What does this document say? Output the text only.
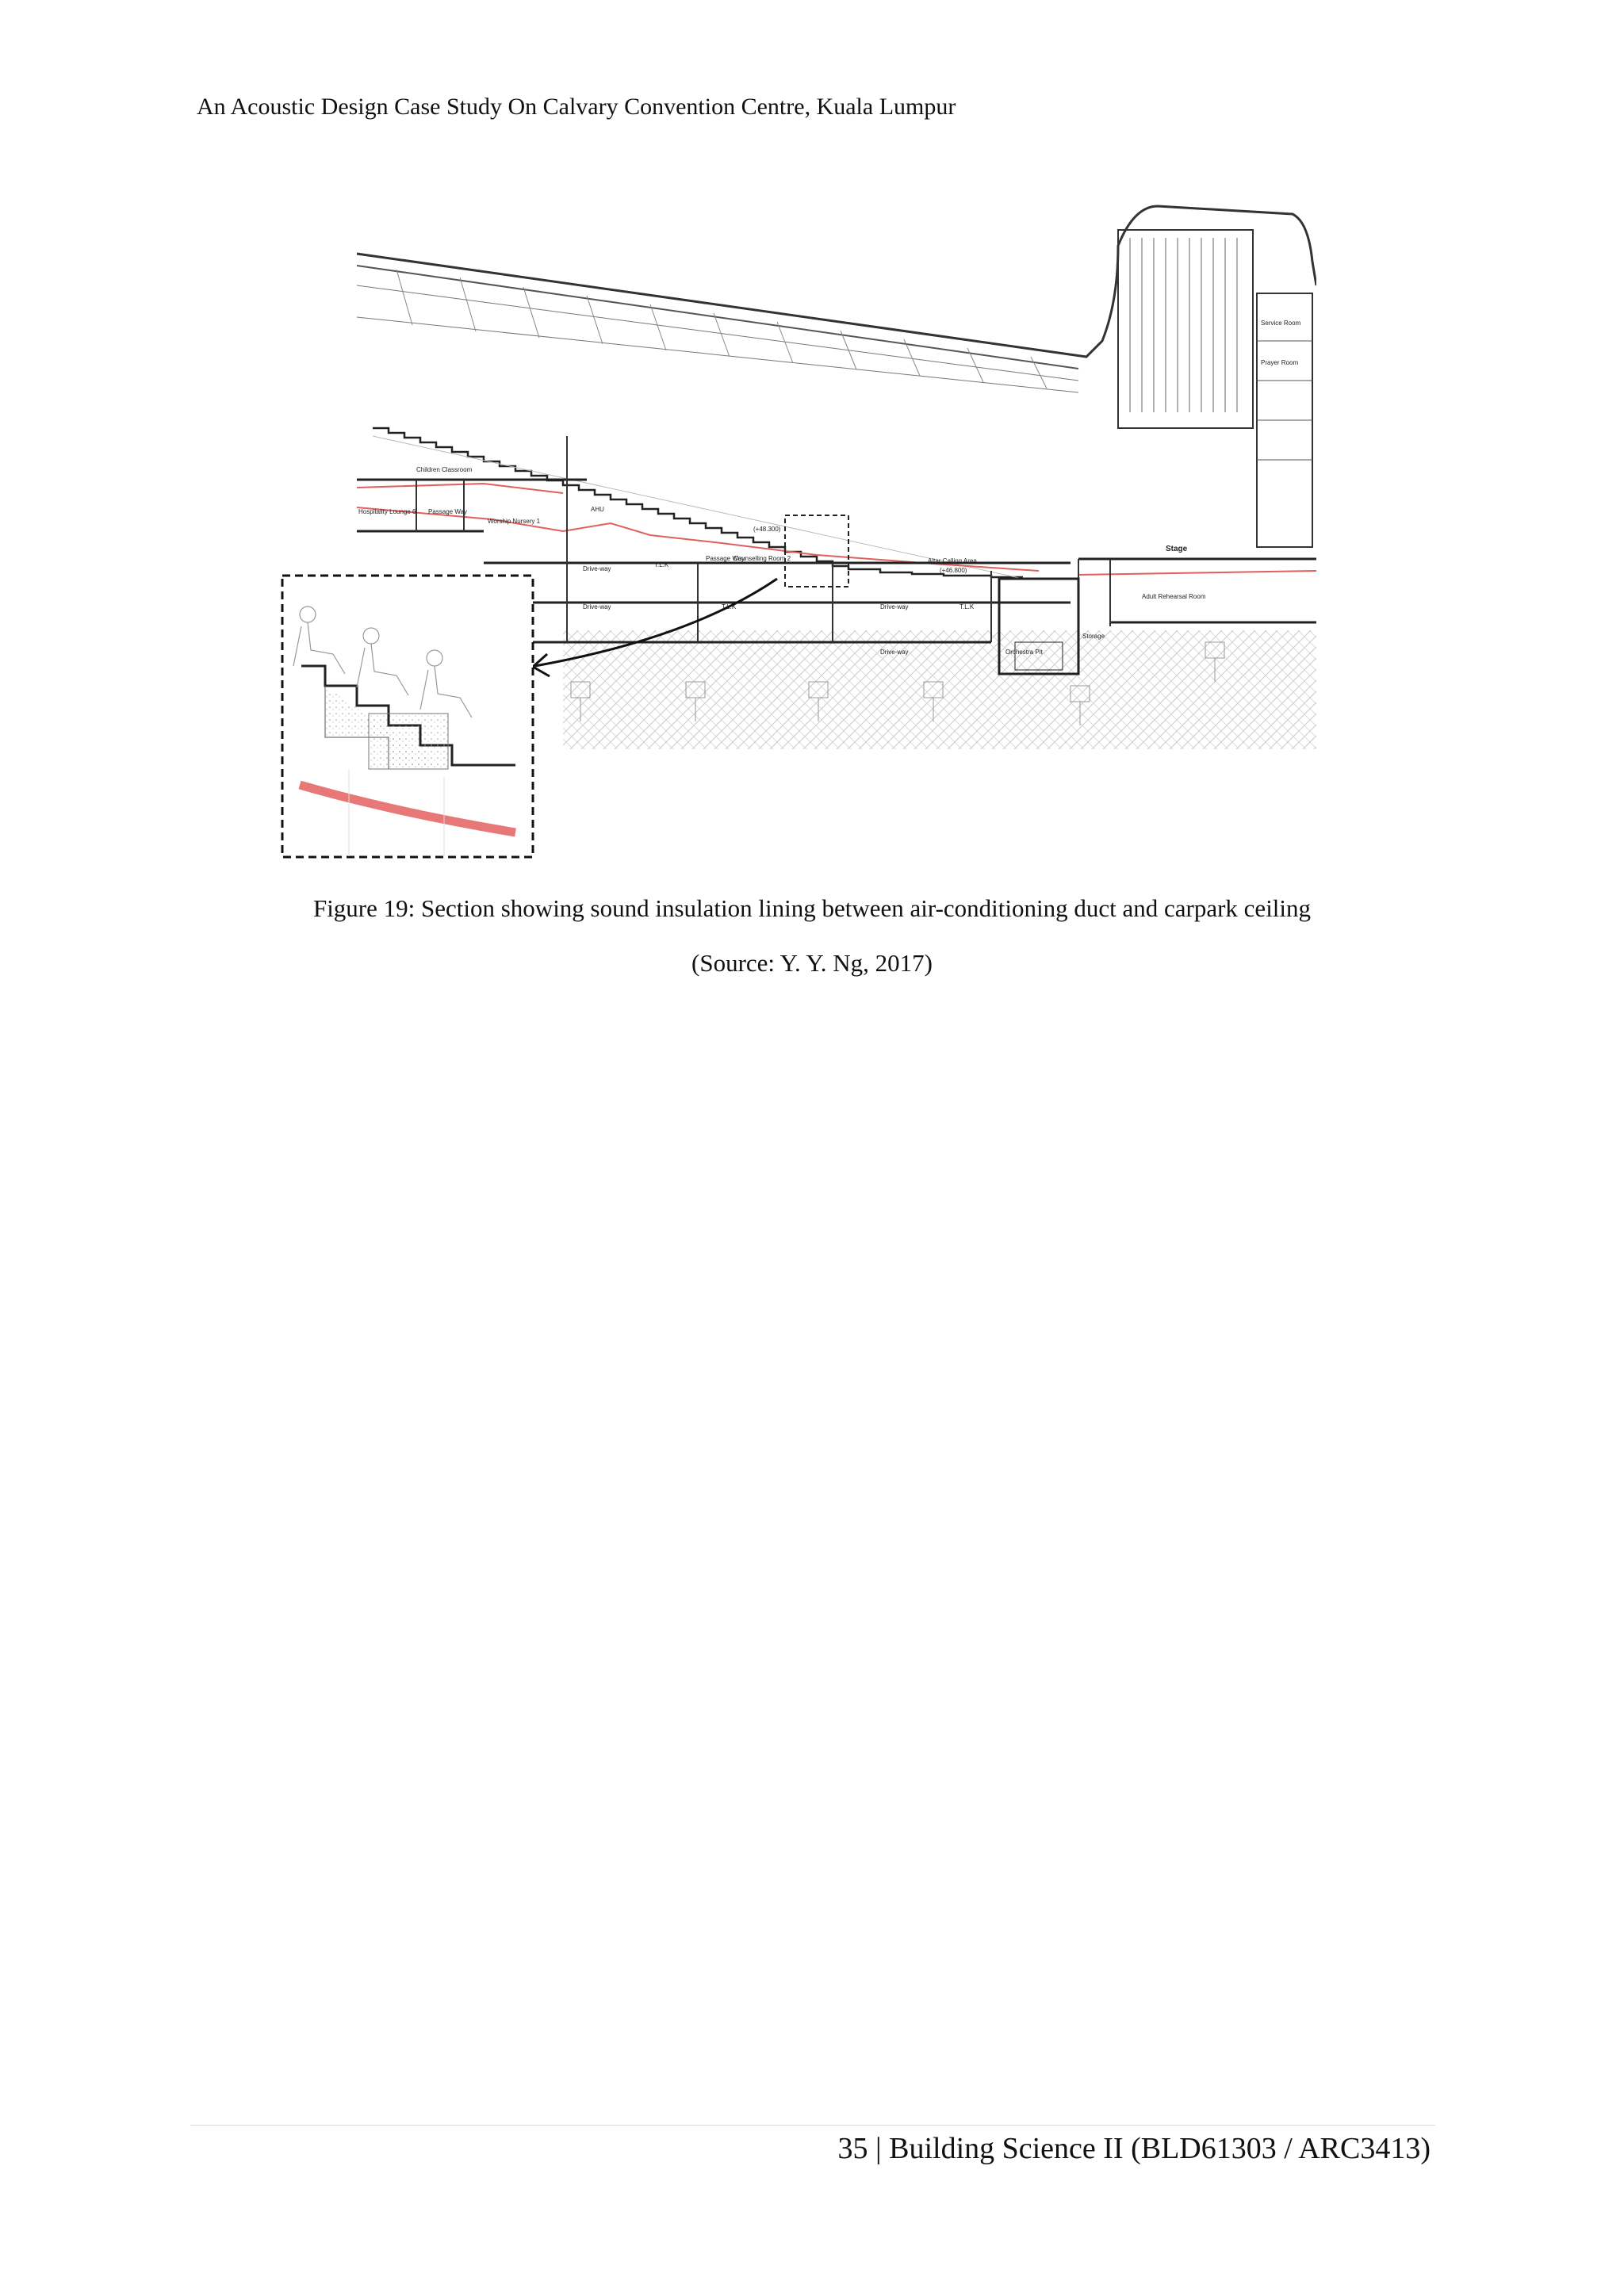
An Acoustic Design Case Study On Calvary Convention Centre, Kuala Lumpur
Hospitality Lounge 6 Passage Way
Worship Nursery 1
Children Classroom
AHU
Drive-way
T.L.K
Passage Way
Counselling Room 2	Altar Calling Area
Drive-way	T.L.K	Drive-way	T.L.K
Drive-way	Orchestra Pit
Storage
Adult Rehearsal Room
Stage
Service Room
Prayer Room
(+48.300)
(+46.800)
Figure 19: Section showing sound insulation lining between air-conditioning duct and carpark ceiling
(Source: Y. Y. Ng, 2017)
35 | Building Science II (BLD61303 / ARC3413)
